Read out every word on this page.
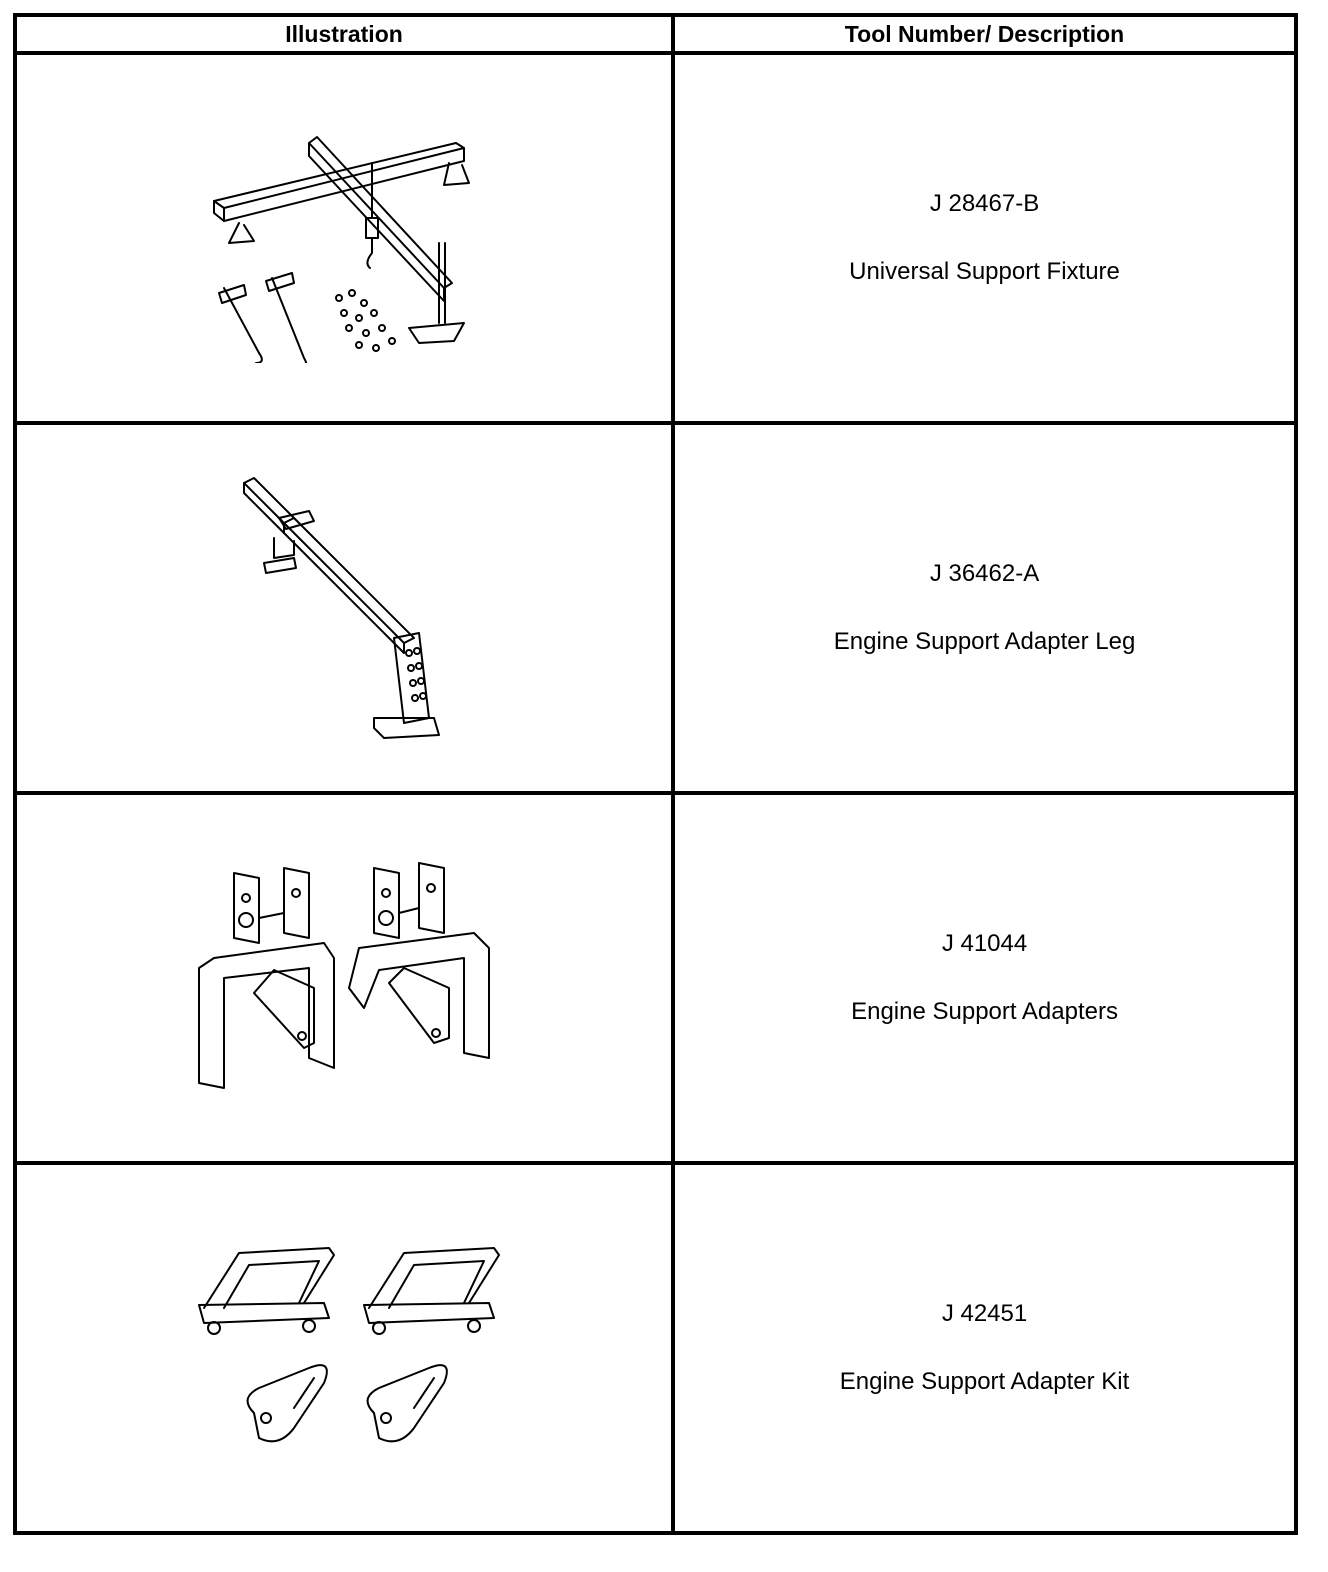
Illustration	Tool Number/ Description

J 28467-B
Universal Support Fixture

J 36462-A
Engine Support Adapter Leg

J 41044
Engine Support Adapters

J 42451
Engine Support Adapter Kit
